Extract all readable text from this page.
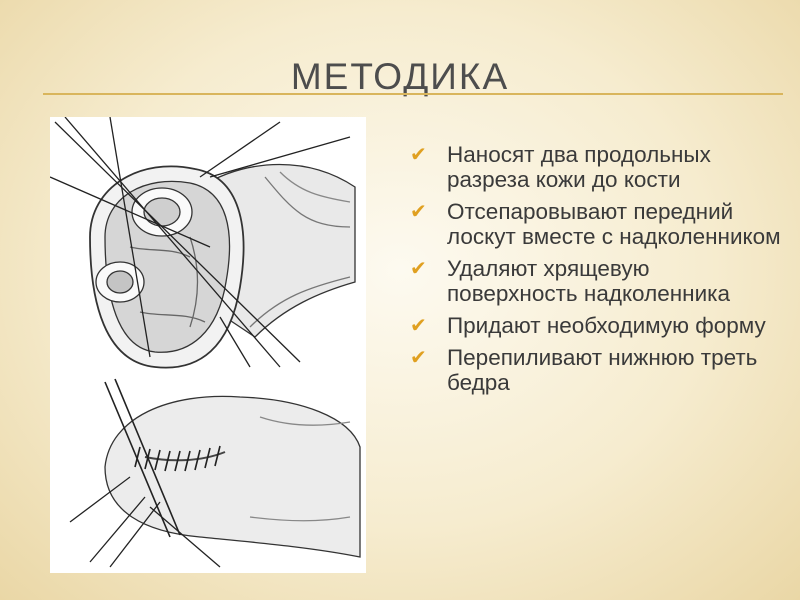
МЕТОДИКА
✔ Наносят два продольных разреза кожи до кости
✔ Отсепаровывают передний лоскут вместе с надколенником
✔ Удаляют хрящевую поверхность надколенника
✔ Придают необходимую форму
✔ Перепиливают нижнюю треть бедра
